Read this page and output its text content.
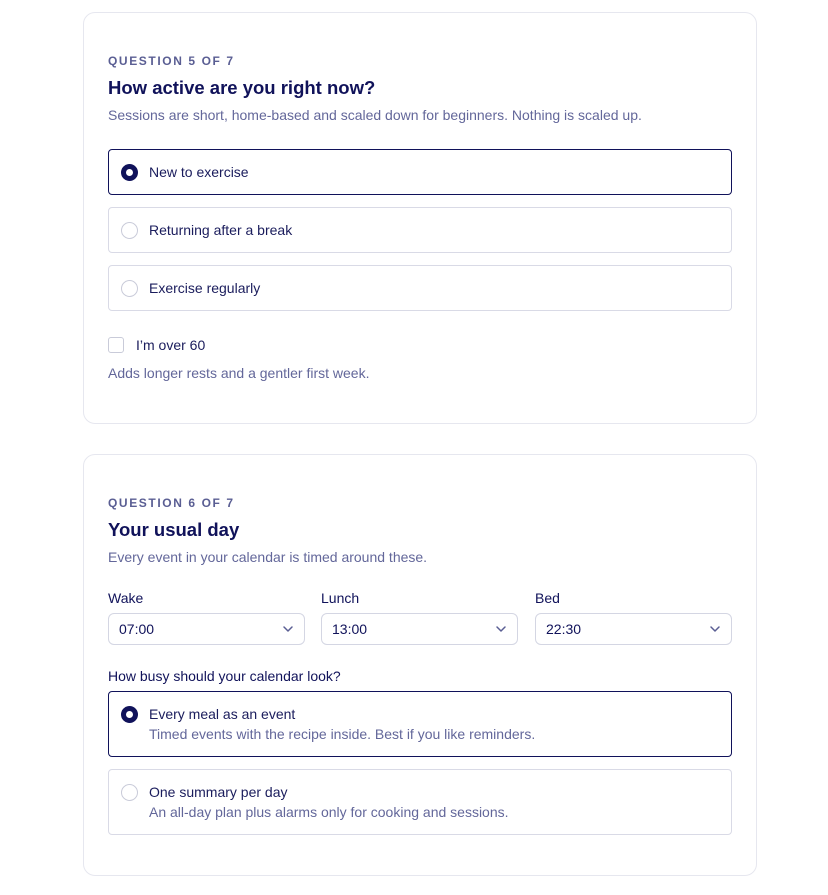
QUESTION 5 OF 7
How active are you right now?
Sessions are short, home-based and scaled down for beginners. Nothing is scaled up.
New to exercise
Returning after a break
Exercise regularly
I’m over 60
Adds longer rests and a gentler first week.
QUESTION 6 OF 7
Your usual day
Every event in your calendar is timed around these.
Wake
07:00
Lunch
13:00
Bed
22:30
How busy should your calendar look?
Every meal as an event
Timed events with the recipe inside. Best if you like reminders.
One summary per day
An all-day plan plus alarms only for cooking and sessions.
